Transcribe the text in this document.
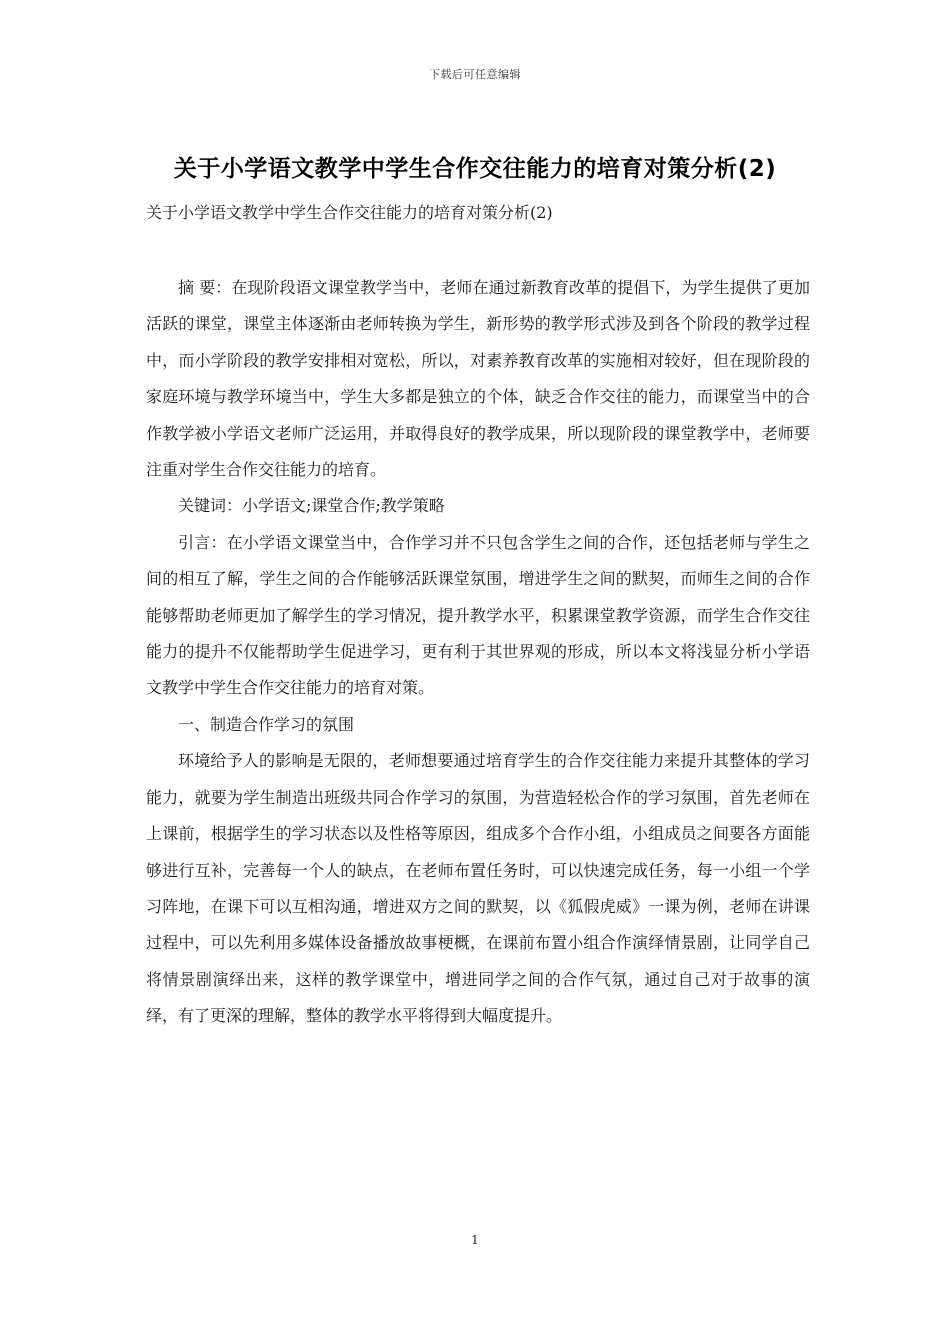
下载后可任意编辑
关于小学语文教学中学生合作交往能力的培育对策分析(2)
关于小学语文教学中学生合作交往能力的培育对策分析(2)

摘 要：在现阶段语文课堂教学当中，老师在通过新教育改革的提倡下，为学生提供了更加活跃的课堂，课堂主体逐渐由老师转换为学生，新形势的教学形式涉及到各个阶段的教学过程中，而小学阶段的教学安排相对宽松，所以，对素养教育改革的实施相对较好，但在现阶段的家庭环境与教学环境当中，学生大多都是独立的个体，缺乏合作交往的能力，而课堂当中的合作教学被小学语文老师广泛运用，并取得良好的教学成果，所以现阶段的课堂教学中，老师要注重对学生合作交往能力的培育。

关键词：小学语文;课堂合作;教学策略

引言：在小学语文课堂当中，合作学习并不只包含学生之间的合作，还包括老师与学生之间的相互了解，学生之间的合作能够活跃课堂氛围，增进学生之间的默契，而师生之间的合作能够帮助老师更加了解学生的学习情况，提升教学水平，积累课堂教学资源，而学生合作交往能力的提升不仅能帮助学生促进学习，更有利于其世界观的形成，所以本文将浅显分析小学语文教学中学生合作交往能力的培育对策。

一、制造合作学习的氛围

环境给予人的影响是无限的，老师想要通过培育学生的合作交往能力来提升其整体的学习能力，就要为学生制造出班级共同合作学习的氛围，为营造轻松合作的学习氛围，首先老师在上课前，根据学生的学习状态以及性格等原因，组成多个合作小组，小组成员之间要各方面能够进行互补，完善每一个人的缺点，在老师布置任务时，可以快速完成任务，每一小组一个学习阵地，在课下可以互相沟通，增进双方之间的默契，以《狐假虎威》一课为例，老师在讲课过程中，可以先利用多媒体设备播放故事梗概，在课前布置小组合作演绎情景剧，让同学自己将情景剧演绎出来，这样的教学课堂中，增进同学之间的合作气氛，通过自己对于故事的演绎，有了更深的理解，整体的教学水平将得到大幅度提升。

1
